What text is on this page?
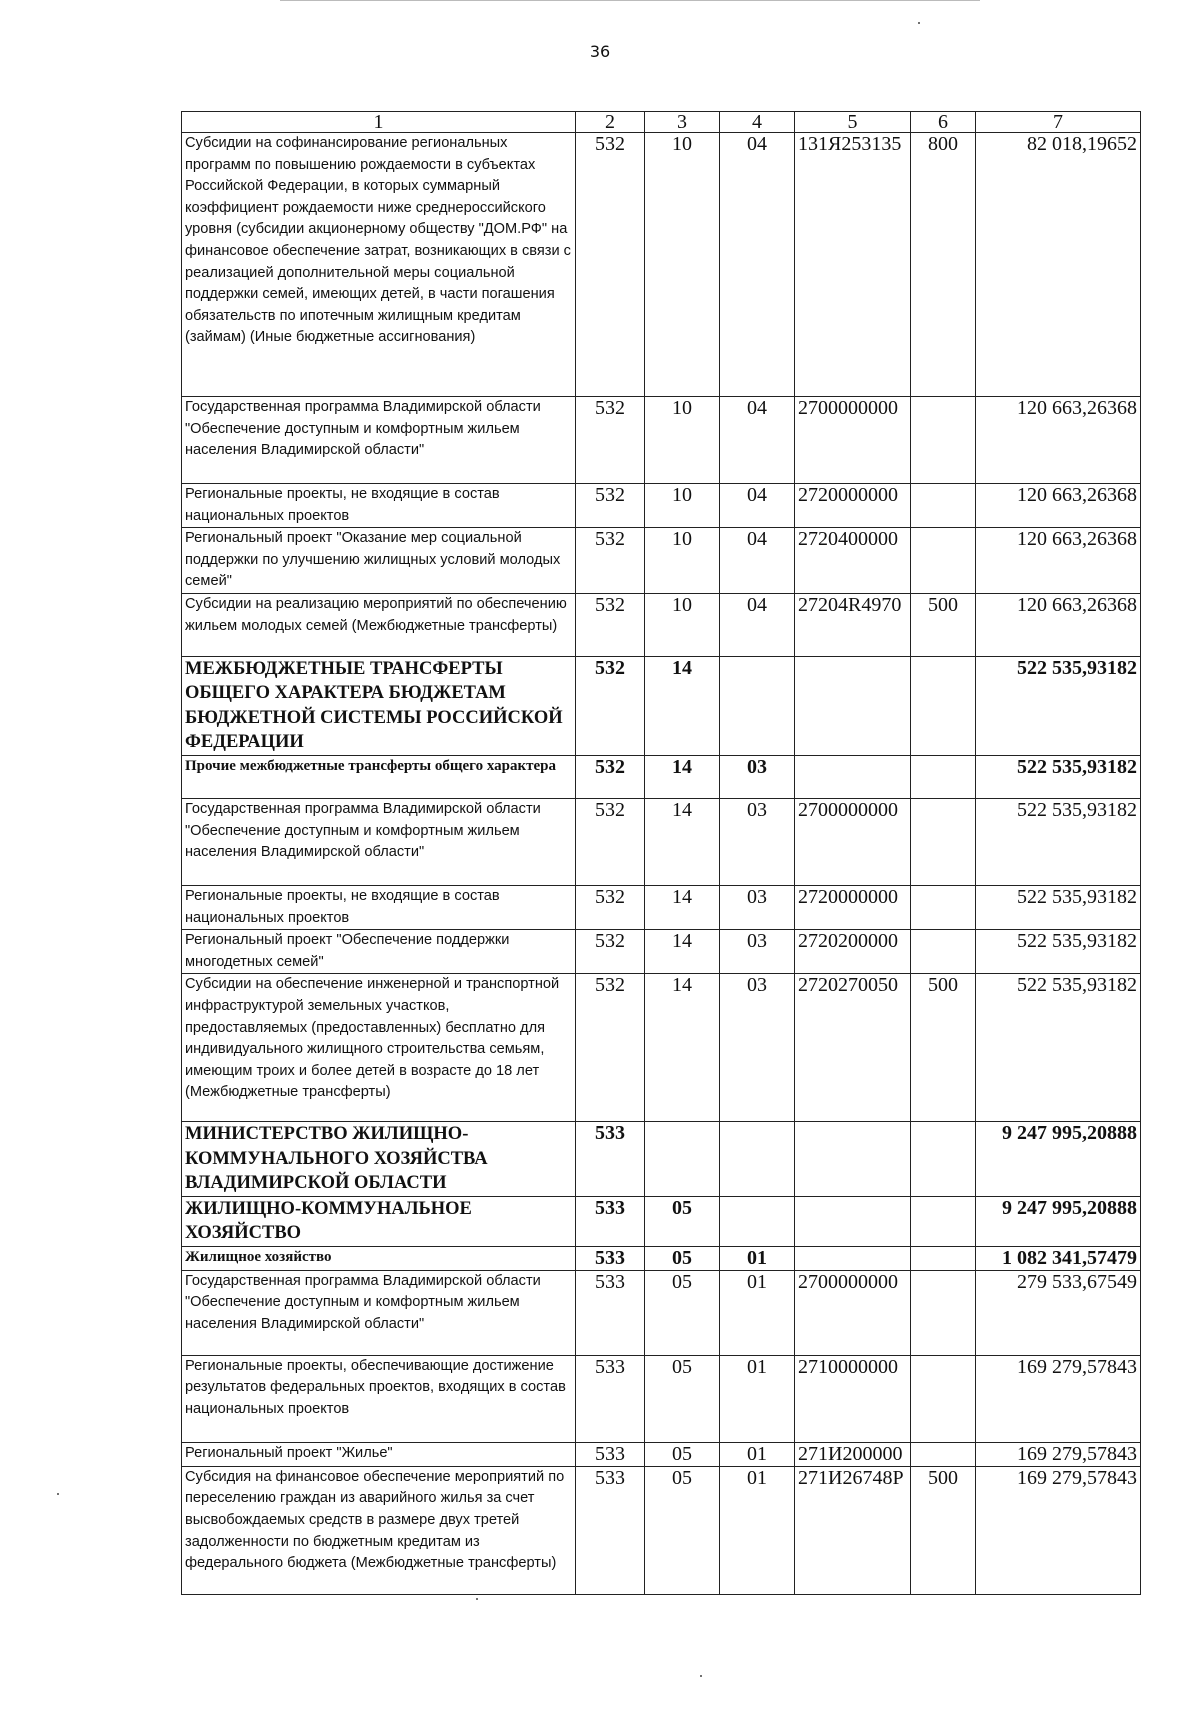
36
1	2	3	4	5	6	7
Субсидии на софинансирование региональных программ по повышению рождаемости в субъектах Российской Федерации, в которых суммарный коэффициент рождаемости ниже среднероссийского уровня (субсидии акционерному обществу "ДОМ.РФ" на финансовое обеспечение затрат, возникающих в связи с реализацией дополнительной меры социальной поддержки семей, имеющих детей, в части погашения обязательств по ипотечным жилищным кредитам (займам) (Иные бюджетные ассигнования)	532	10	04	131Я253135	800	82 018,19652
Государственная программа Владимирской области "Обеспечение доступным и комфортным жильем населения Владимирской области"	532	10	04	2700000000		120 663,26368
Региональные проекты, не входящие в состав национальных проектов	532	10	04	2720000000		120 663,26368
Региональный проект "Оказание мер социальной поддержки по улучшению жилищных условий молодых семей"	532	10	04	2720400000		120 663,26368
Субсидии на реализацию мероприятий по обеспечению жильем молодых семей (Межбюджетные трансферты)	532	10	04	27204R4970	500	120 663,26368
МЕЖБЮДЖЕТНЫЕ ТРАНСФЕРТЫ ОБЩЕГО ХАРАКТЕРА БЮДЖЕТАМ БЮДЖЕТНОЙ СИСТЕМЫ РОССИЙСКОЙ ФЕДЕРАЦИИ	532	14				522 535,93182
Прочие межбюджетные трансферты общего характера	532	14	03			522 535,93182
Государственная программа Владимирской области "Обеспечение доступным и комфортным жильем населения Владимирской области"	532	14	03	2700000000		522 535,93182
Региональные проекты, не входящие в состав национальных проектов	532	14	03	2720000000		522 535,93182
Региональный проект "Обеспечение поддержки многодетных семей"	532	14	03	2720200000		522 535,93182
Субсидии на обеспечение инженерной и транспортной инфраструктурой земельных участков, предоставляемых (предоставленных) бесплатно для индивидуального жилищного строительства семьям, имеющим троих и более детей в возрасте до 18 лет (Межбюджетные трансферты)	532	14	03	2720270050	500	522 535,93182
МИНИСТЕРСТВО ЖИЛИЩНО-КОММУНАЛЬНОГО ХОЗЯЙСТВА ВЛАДИМИРСКОЙ ОБЛАСТИ	533					9 247 995,20888
ЖИЛИЩНО-КОММУНАЛЬНОЕ ХОЗЯЙСТВО	533	05				9 247 995,20888
Жилищное хозяйство	533	05	01			1 082 341,57479
Государственная программа Владимирской области "Обеспечение доступным и комфортным жильем населения Владимирской области"	533	05	01	2700000000		279 533,67549
Региональные проекты, обеспечивающие достижение результатов федеральных проектов, входящих в состав национальных проектов	533	05	01	2710000000		169 279,57843
Региональный проект "Жилье"	533	05	01	271И200000		169 279,57843
Субсидия на финансовое обеспечение мероприятий по переселению граждан из аварийного жилья за счет высвобождаемых средств в размере двух третей задолженности по бюджетным кредитам из федерального бюджета (Межбюджетные трансферты)	533	05	01	271И26748Р	500	169 279,57843
